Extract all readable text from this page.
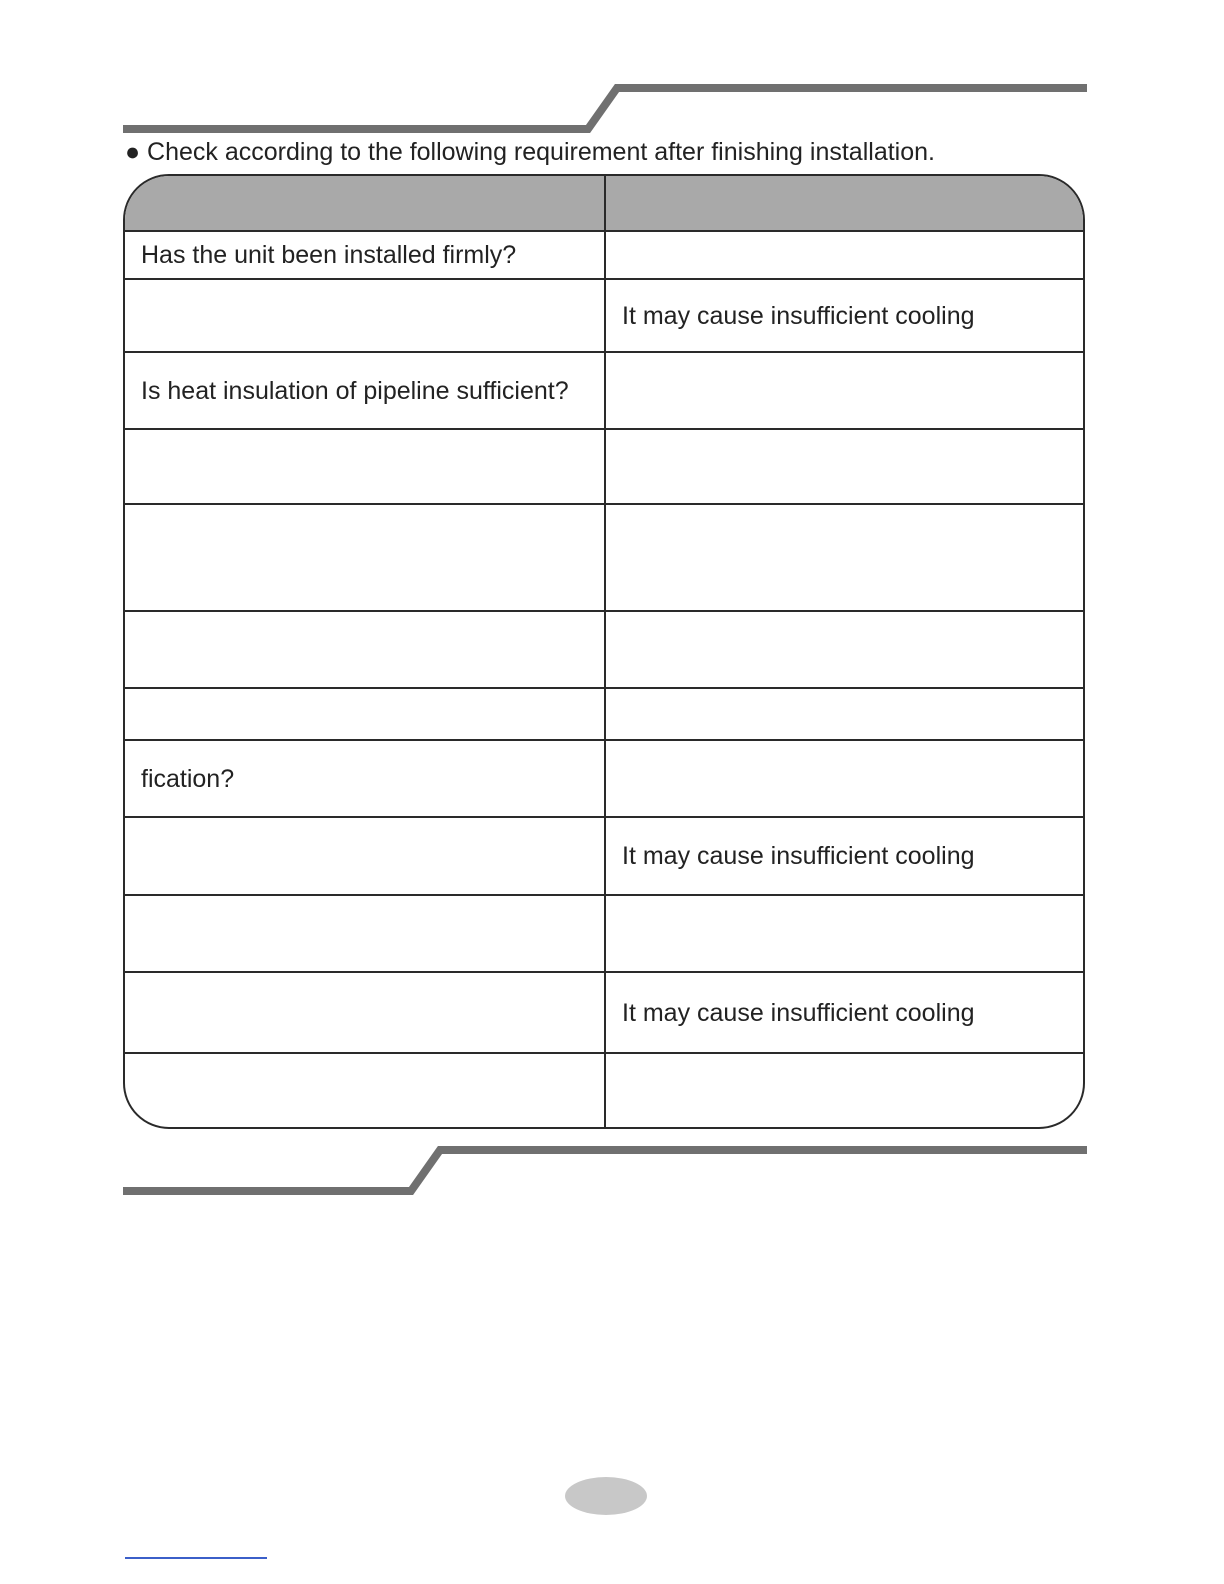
● Check according to the following requirement after finishing installation.

Has the unit been installed firmly?	
	It may cause insufficient cooling
Is heat insulation of pipeline sufficient?	

fication?	
	It may cause insufficient cooling

	It may cause insufficient cooling
